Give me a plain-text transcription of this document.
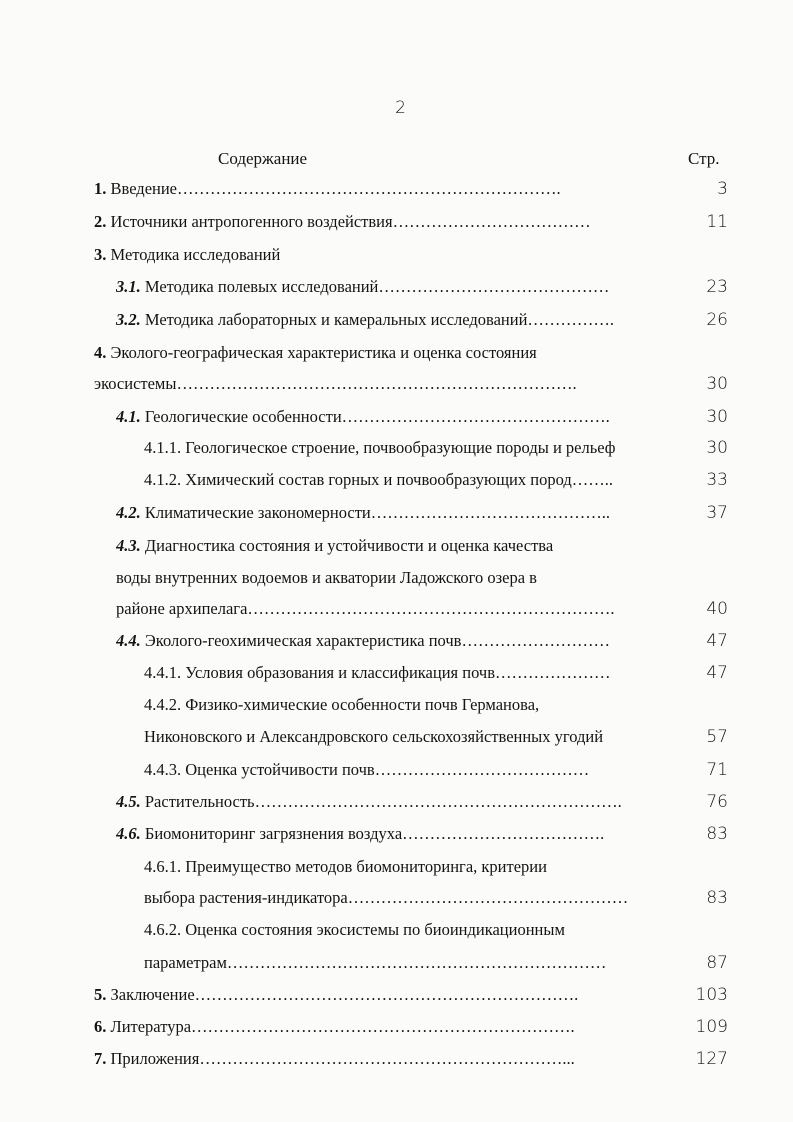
2
Содержание	Стр.
1. Введение…………………………………………………………….	3
2. Источники антропогенного воздействия………………………………	11
3. Методика исследований
3.1. Методика полевых исследований……………………………………	23
3.2. Методика лабораторных и камеральных исследований…………….	26
4. Эколого-географическая характеристика и оценка состояния
экосистемы……………………………………………………………….	30
4.1. Геологические особенности………………………………………….	30
4.1.1. Геологическое строение, почвообразующие породы и рельеф	30
4.1.2. Химический состав горных и почвообразующих пород……..	33
4.2. Климатические закономерности……………………………………..	37
4.3. Диагностика состояния и устойчивости и оценка качества
воды внутренних водоемов и акватории Ладожского озера в
районе архипелага………………………………………………………….	40
4.4. Эколого-геохимическая характеристика почв………………………	47
4.4.1. Условия образования и классификация почв…………………	47
4.4.2. Физико-химические особенности почв Германова,
Никоновского и Александровского сельскохозяйственных угодий	57
4.4.3. Оценка устойчивости почв…………………………………	71
4.5. Растительность………………………………………………………….	76
4.6. Биомониторинг загрязнения воздуха……………………………….	83
4.6.1. Преимущество методов биомониторинга, критерии
выбора растения-индикатора……………………………………………	83
4.6.2. Оценка состояния экосистемы по биоиндикационным
параметрам……………………………………………………………	87
5. Заключение…………………………………………………………….	103
6. Литература…………………………………………………………….	109
7. Приложения…………………………………………………………...	127
